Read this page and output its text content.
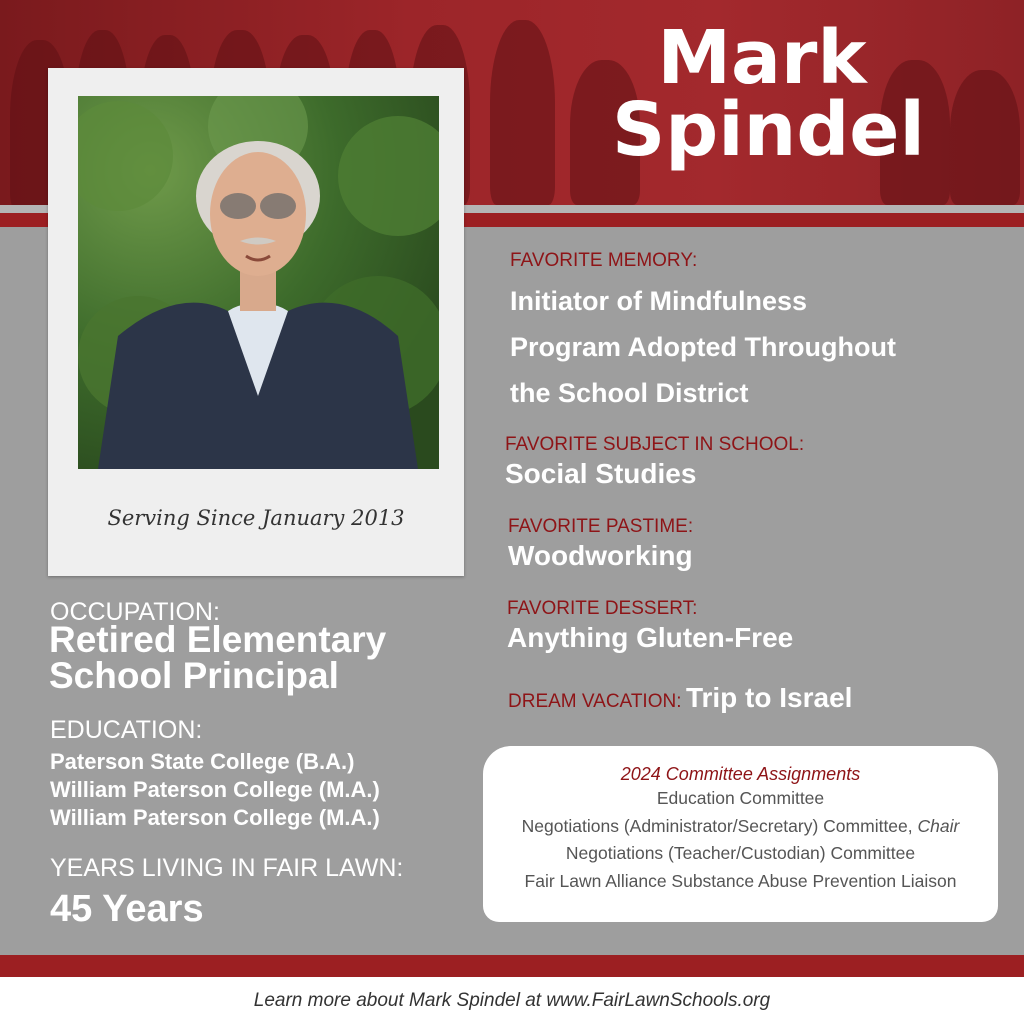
Mark
Spindel
Serving Since January 2013
OCCUPATION:
Retired Elementary
School Principal
EDUCATION:
Paterson State College (B.A.)
William Paterson College (M.A.)
William Paterson College (M.A.)
YEARS LIVING IN FAIR LAWN:
45 Years
FAVORITE MEMORY:
Initiator of Mindfulness
Program Adopted Throughout
the School District
FAVORITE SUBJECT IN SCHOOL:
Social Studies
FAVORITE PASTIME:
Woodworking
FAVORITE DESSERT:
Anything Gluten-Free
DREAM VACATION: Trip to Israel
2024 Committee Assignments
Education Committee
Negotiations (Administrator/Secretary) Committee, Chair
Negotiations (Teacher/Custodian) Committee
Fair Lawn Alliance Substance Abuse Prevention Liaison
Learn more about Mark Spindel at www.FairLawnSchools.org
